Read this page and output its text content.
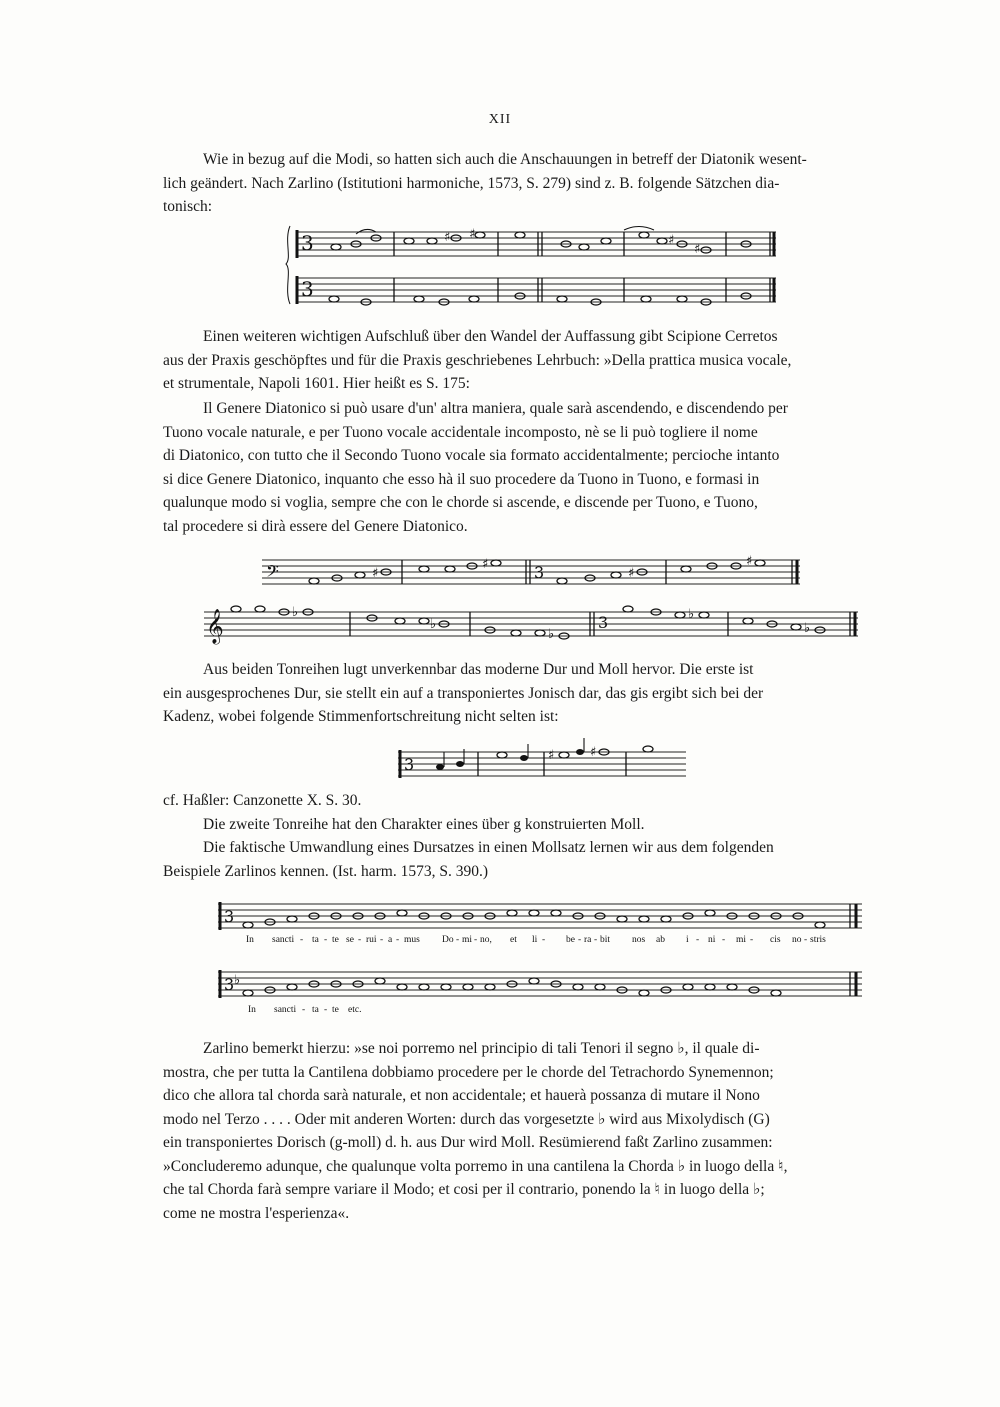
XII
Wie in bezug auf die Modi, so hatten sich auch die Anschauungen in betreff der Diatonik wesent-
lich geändert. Nach Zarlino (Istitutioni harmoniche, 1573, S. 279) sind z. B. folgende Sätzchen dia-
tonisch:
3	♯ ♯	♯
♯
3
Einen weiteren wichtigen Aufschluß über den Wandel der Auffassung gibt Scipione Cerretos
aus der Praxis geschöpftes und für die Praxis geschriebenes Lehrbuch: »Della prattica musica vocale,
et strumentale, Napoli 1601. Hier heißt es S. 175:
Il Genere Diatonico si può usare d'un' altra maniera, quale sarà ascendendo, e discendendo per
Tuono vocale naturale, e per Tuono vocale accidentale incomposto, nè se li può togliere il nome
di Diatonico, con tutto che il Secondo Tuono vocale sia formato accidentalmente; percioche intanto
si dice Genere Diatonico, inquanto che esso hà il suo procedere da Tuono in Tuono, e formasi in
qualunque modo si voglia, sempre che con le chorde si ascende, e discende per Tuono, e Tuono,
tal procedere si dirà essere del Genere Diatonico.
𝄢	♯
♯	3	♯
♯
𝄞	♭
♭
♭
3	♭
♭
Aus beiden Tonreihen lugt unverkennbar das moderne Dur und Moll hervor. Die erste ist
ein ausgesprochenes Dur, sie stellt ein auf a transponiertes Jonisch dar, das gis ergibt sich bei der
Kadenz, wobei folgende Stimmenfortschreitung nicht selten ist:
3	♯	♯
cf. Haßler: Canzonette X. S. 30.
Die zweite Tonreihe hat den Charakter eines über g konstruierten Moll.
Die faktische Umwandlung eines Dursatzes in einen Mollsatz lernen wir aus dem folgenden
Beispiele Zarlinos kennen. (Ist. harm. 1573, S. 390.)
3
In sancti - ta - te se - rui - a - mus Do - mi - no, et li - be - ra - bit nos ab i - ni - mi - cis no - stris
3 ♭
In sancti - ta - te etc.
Zarlino bemerkt hierzu: »se noi porremo nel principio di tali Tenori il segno ♭, il quale di-
mostra, che per tutta la Cantilena dobbiamo procedere per le chorde del Tetrachordo Synemennon;
dico che allora tal chorda sarà naturale, et non accidentale; et hauerà possanza di mutare il Nono
modo nel Terzo . . . . Oder mit anderen Worten: durch das vorgesetzte ♭ wird aus Mixolydisch (G)
ein transponiertes Dorisch (g-moll) d. h. aus Dur wird Moll. Resümierend faßt Zarlino zusammen:
»Concluderemo adunque, che qualunque volta porremo in una cantilena la Chorda ♭ in luogo della ♮,
che tal Chorda farà sempre variare il Modo; et cosi per il contrario, ponendo la ♮ in luogo della ♭;
come ne mostra l'esperienza«.
